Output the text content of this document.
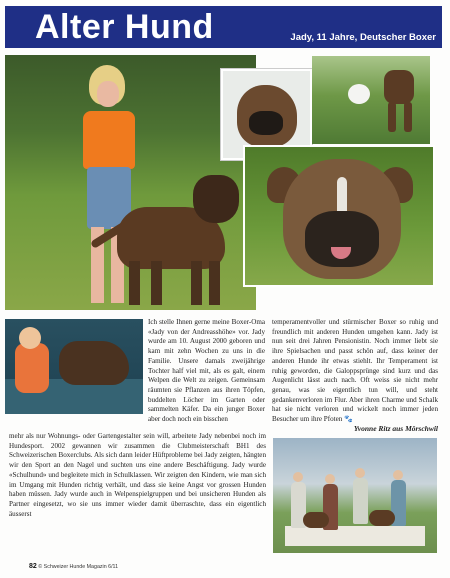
Alter Hund	Jady, 11 Jahre, Deutscher Boxer
Ich stelle Ihnen gerne meine Boxer-Oma «Jady von der Andreasshöhe» vor. Jady wurde am 10. August 2000 geboren und kam mit zehn Wochen zu uns in die Familie. Unsere damals zweijährige Tochter half viel mit, als es galt, einem Welpen die Welt zu zeigen. Gemeinsam räumten sie Pflanzen aus ihren Töpfen, buddelten Löcher im Garten oder sammelten Käfer. Da ein junger Boxer aber doch noch ein bisschen
mehr als nur Wohnungs- oder Gartengestalter sein will, arbeitete Jady nebenbei noch im Hundesport. 2002 gewannen wir zusammen die Clubmeisterschaft BH1 des Schweizerischen Boxerclubs. Als sich dann leider Hüftprobleme bei Jady zeigten, hängten wir den Sport an den Nagel und suchten uns eine andere Beschäftigung. Jady wurde «Schulhund» und begleitete mich in Schulklassen. Wir zeigten den Kindern, wie man sich im Umgang mit Hunden richtig verhält, und dass sie keine Angst vor grossen Hunden haben müssen. Jady wurde auch in Welpenspielgruppen und bei unsicheren Hunden als Partner eingesetzt, wo sie uns immer wieder damit überraschte, dass ein eigentlich äusserst
temperamentvoller und stürmischer Boxer so ruhig und freundlich mit anderen Hunden umgehen kann. Jady ist nun seit drei Jahren Pensionistin. Noch immer liebt sie ihre Spielsachen und passt schön auf, dass keiner der anderen Hunde ihr etwas stiehlt. Ihr Temperament ist ruhig geworden, die Galoppsprünge sind kurz und das Augenlicht lässt auch nach. Oft weiss sie nicht mehr genau, was sie eigentlich tun will, und steht gedankenverloren im Flur. Aber ihren Charme und Schalk hat sie nicht verloren und wickelt noch immer jeden Besucher um ihre Pfoten 🐾
Yvonne Ritz aus Mörschwil
82 © Schweizer Hunde Magazin 6/11
